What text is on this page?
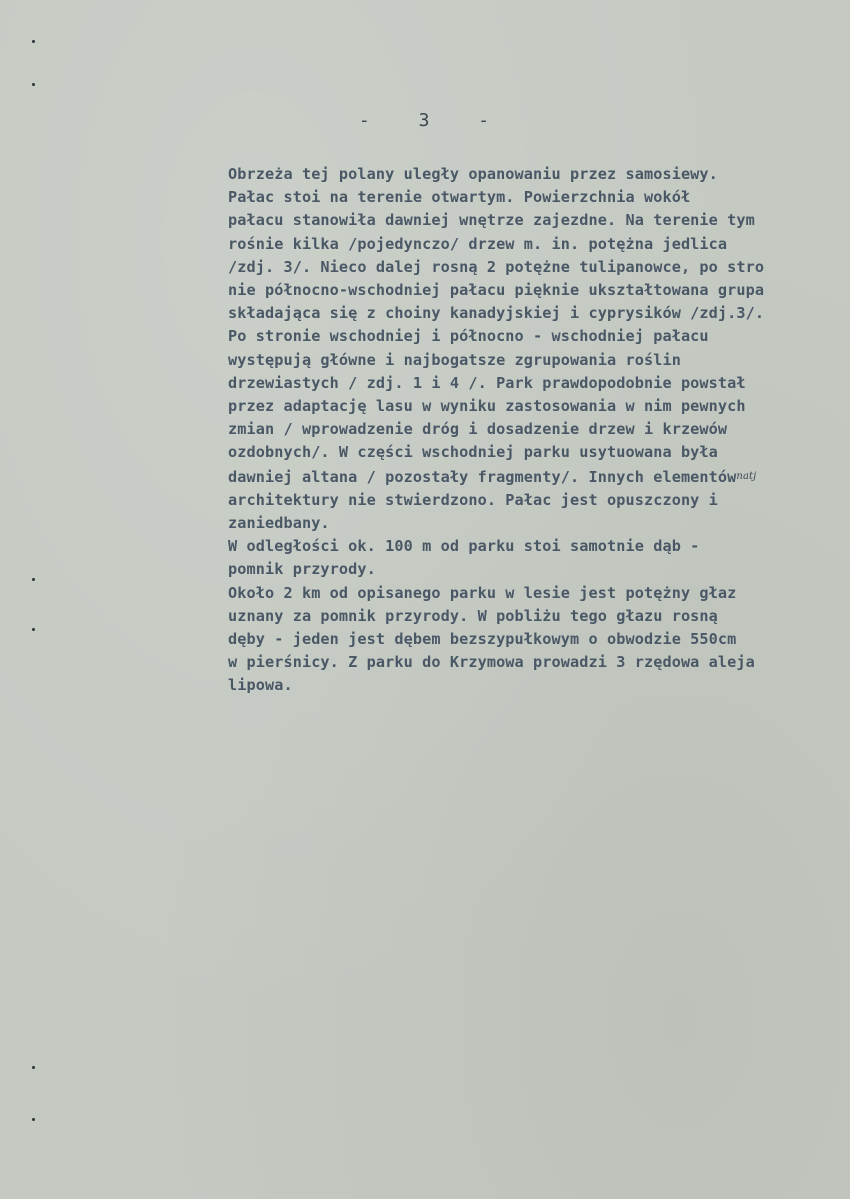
- 3 -
Obrzeża tej polany uległy opanowaniu przez samosiewy.
Pałac stoi na terenie otwartym. Powierzchnia wokół
pałacu stanowiła dawniej wnętrze zajezdne. Na terenie tym
rośnie kilka /pojedynczo/ drzew m. in. potężna jedlica
/zdj. 3/. Nieco dalej rosną 2 potężne tulipanowce, po stro
nie północno-wschodniej pałacu pięknie ukształtowana grupa
składająca się z choiny kanadyjskiej i cyprysików /zdj.3/.
Po stronie wschodniej i północno - wschodniej pałacu
występują główne i najbogatsze zgrupowania roślin
drzewiastych / zdj. 1 i 4 /. Park prawdopodobnie powstał
przez adaptację lasu w wyniku zastosowania w nim pewnych
zmian / wprowadzenie dróg i dosadzenie drzew i krzewów
ozdobnych/. W części wschodniej parku usytuowana była
dawniej altana / pozostały fragmenty/. Innych elementównatj
architektury nie stwierdzono. Pałac jest opuszczony i
zaniedbany.
W odległości ok. 100 m od parku stoi samotnie dąb -
pomnik przyrody.
Około 2 km od opisanego parku w lesie jest potężny głaz
uznany za pomnik przyrody. W pobliżu tego głazu rosną
dęby - jeden jest dębem bezszypułkowym o obwodzie 550cm
w pierśnicy. Z parku do Krzymowa prowadzi 3 rzędowa aleja
lipowa.
